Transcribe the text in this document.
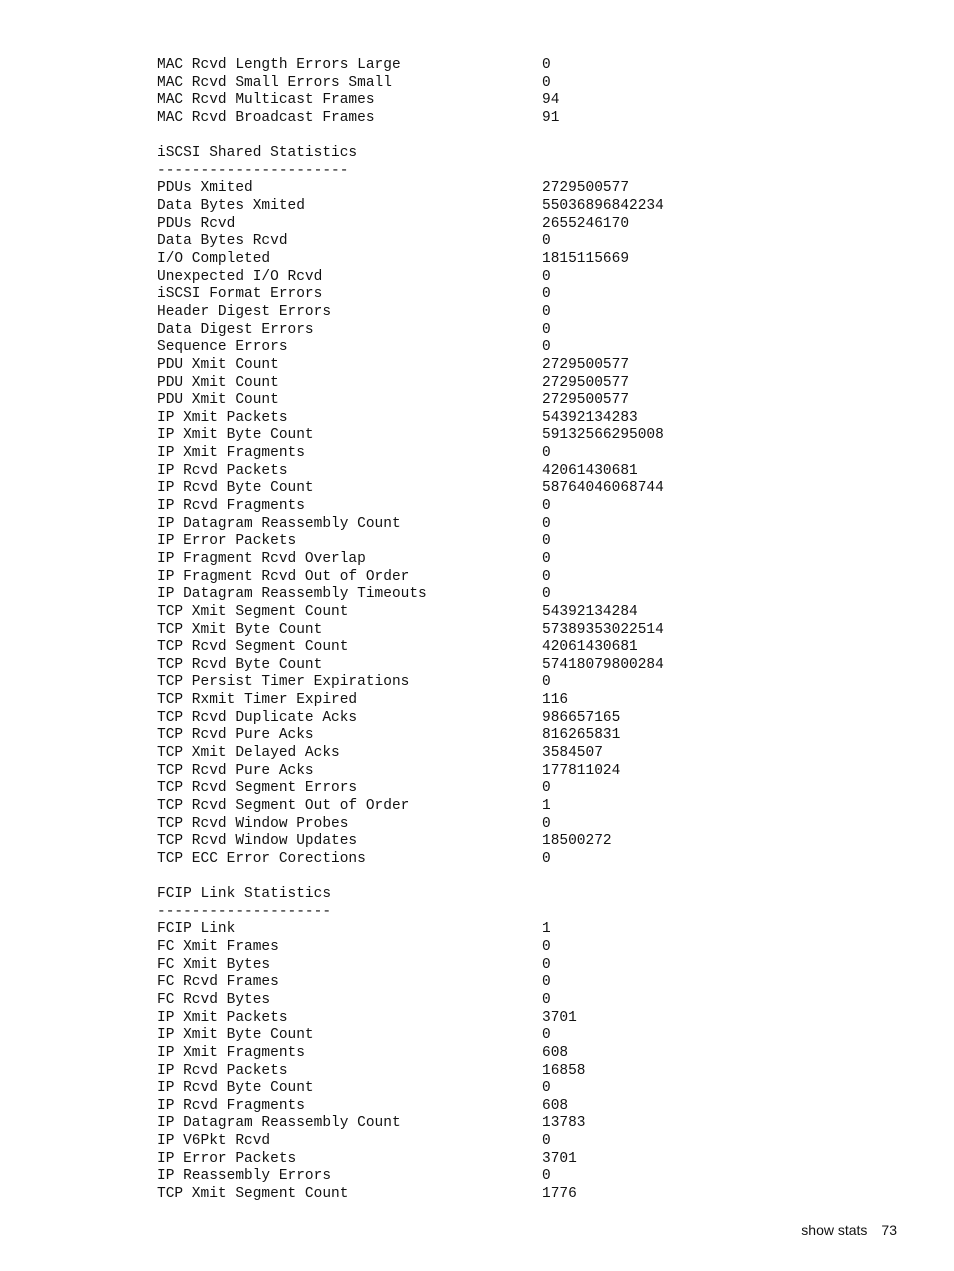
MAC Rcvd Length Errors Large	0
MAC Rcvd Small Errors Small	0
MAC Rcvd Multicast Frames	94
MAC Rcvd Broadcast Frames	91
iSCSI Shared Statistics
----------------------
PDUs Xmited	2729500577
Data Bytes Xmited	55036896842234
PDUs Rcvd	2655246170
Data Bytes Rcvd	0
I/O Completed	1815115669
Unexpected I/O Rcvd	0
iSCSI Format Errors	0
Header Digest Errors	0
Data Digest Errors	0
Sequence Errors	0
PDU Xmit Count	2729500577
PDU Xmit Count	2729500577
PDU Xmit Count	2729500577
IP Xmit Packets	54392134283
IP Xmit Byte Count	59132566295008
IP Xmit Fragments	0
IP Rcvd Packets	42061430681
IP Rcvd Byte Count	58764046068744
IP Rcvd Fragments	0
IP Datagram Reassembly Count	0
IP Error Packets	0
IP Fragment Rcvd Overlap	0
IP Fragment Rcvd Out of Order	0
IP Datagram Reassembly Timeouts	0
TCP Xmit Segment Count	54392134284
TCP Xmit Byte Count	57389353022514
TCP Rcvd Segment Count	42061430681
TCP Rcvd Byte Count	57418079800284
TCP Persist Timer Expirations	0
TCP Rxmit Timer Expired	116
TCP Rcvd Duplicate Acks	986657165
TCP Rcvd Pure Acks	816265831
TCP Xmit Delayed Acks	3584507
TCP Rcvd Pure Acks	177811024
TCP Rcvd Segment Errors	0
TCP Rcvd Segment Out of Order	1
TCP Rcvd Window Probes	0
TCP Rcvd Window Updates	18500272
TCP ECC Error Corections	0
FCIP Link Statistics
--------------------
FCIP Link	1
FC Xmit Frames	0
FC Xmit Bytes	0
FC Rcvd Frames	0
FC Rcvd Bytes	0
IP Xmit Packets	3701
IP Xmit Byte Count	0
IP Xmit Fragments	608
IP Rcvd Packets	16858
IP Rcvd Byte Count	0
IP Rcvd Fragments	608
IP Datagram Reassembly Count	13783
IP V6Pkt Rcvd	0
IP Error Packets	3701
IP Reassembly Errors	0
TCP Xmit Segment Count	1776
show stats 73
